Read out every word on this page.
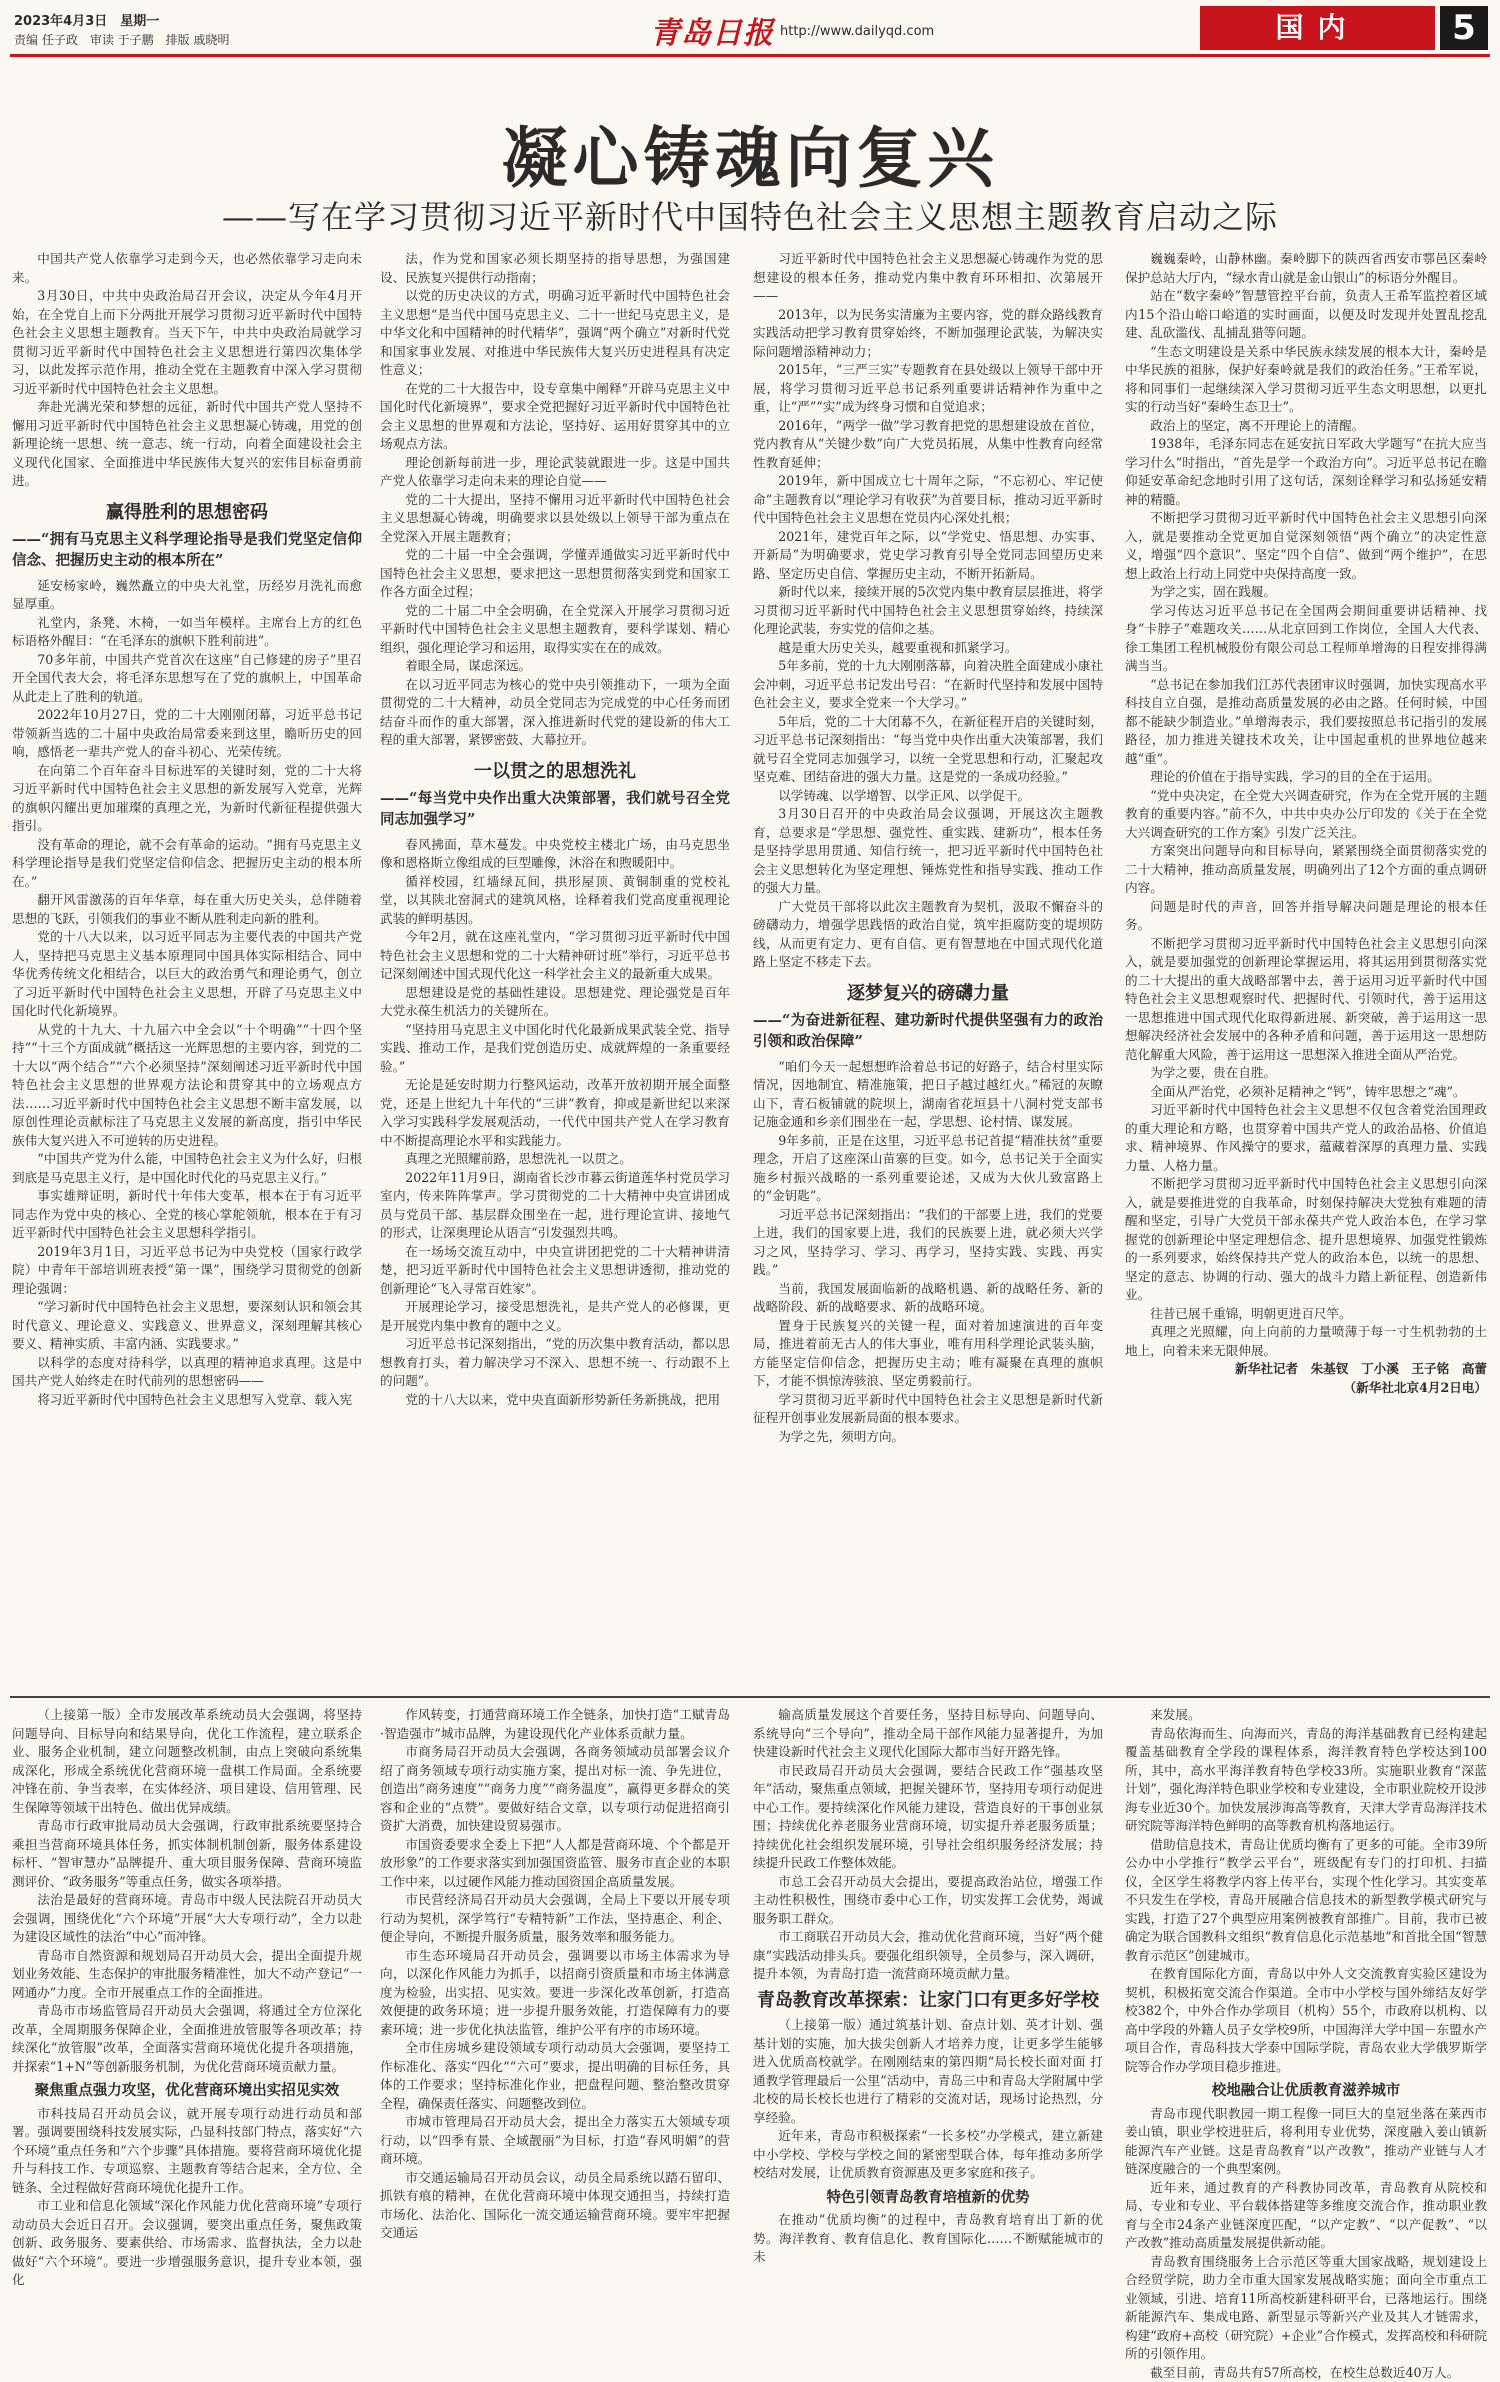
2023年4月3日　星期一
责编 任子政　审读 于子鹏　排版 戚晓明	青岛日报 http://www.dailyqd.com	国内	5
凝心铸魂向复兴
——写在学习贯彻习近平新时代中国特色社会主义思想主题教育启动之际

中国共产党人依靠学习走到今天，也必然依靠学习走向未来。

3月30日，中共中央政治局召开会议，决定从今年4月开始，在全党自上而下分两批开展学习贯彻习近平新时代中国特色社会主义思想主题教育。当天下午，中共中央政治局就学习贯彻习近平新时代中国特色社会主义思想进行第四次集体学习，以此发挥示范作用，推动全党在主题教育中深入学习贯彻习近平新时代中国特色社会主义思想。

奔赴光满光荣和梦想的远征，新时代中国共产党人坚持不懈用习近平新时代中国特色社会主义思想凝心铸魂，用党的创新理论统一思想、统一意志、统一行动，向着全面建设社会主义现代化国家、全面推进中华民族伟大复兴的宏伟目标奋勇前进。

赢得胜利的思想密码
——“拥有马克思主义科学理论指导是我们党坚定信仰信念、把握历史主动的根本所在”

延安杨家岭，巍然矗立的中央大礼堂，历经岁月洗礼而愈显厚重。

礼堂内，条凳、木椅，一如当年模样。主席台上方的红色标语格外醒目：“在毛泽东的旗帜下胜利前进”。

70多年前，中国共产党首次在这座“自己修建的房子”里召开全国代表大会，将毛泽东思想写在了党的旗帜上，中国革命从此走上了胜利的轨道。

2022年10月27日，党的二十大刚刚闭幕，习近平总书记带领新当选的二十届中央政治局常委来到这里，瞻昕历史的回响，感悟老一辈共产党人的奋斗初心、光荣传统。

在向第二个百年奋斗目标进军的关键时刻，党的二十大将习近平新时代中国特色社会主义思想的新发展写入党章，光辉的旗帜闪耀出更加璀璨的真理之光，为新时代新征程提供强大指引。

没有革命的理论，就不会有革命的运动。“拥有马克思主义科学理论指导是我们党坚定信仰信念、把握历史主动的根本所在。”

翻开风雷激荡的百年华章，每在重大历史关头，总伴随着思想的飞跃，引领我们的事业不断从胜利走向新的胜利。

党的十八大以来，以习近平同志为主要代表的中国共产党人，坚持把马克思主义基本原理同中国具体实际相结合、同中华优秀传统文化相结合，以巨大的政治勇气和理论勇气，创立了习近平新时代中国特色社会主义思想，开辟了马克思主义中国化时代化新境界。

从党的十九大、十九届六中全会以“十个明确”“十四个坚持”“十三个方面成就”概括这一光辉思想的主要内容，到党的二十大以“两个结合”“六个必须坚持”深刻阐述习近平新时代中国特色社会主义思想的世界观方法论和贯穿其中的立场观点方法……习近平新时代中国特色社会主义思想不断丰富发展，以原创性理论贡献标注了马克思主义发展的新高度，指引中华民族伟大复兴进入不可逆转的历史进程。

“中国共产党为什么能，中国特色社会主义为什么好，归根到底是马克思主义行，是中国化时代化的马克思主义行。”

事实雄辩证明，新时代十年伟大变革，根本在于有习近平同志作为党中央的核心、全党的核心掌舵领航，根本在于有习近平新时代中国特色社会主义思想科学指引。

2019年3月1日，习近平总书记为中央党校（国家行政学院）中青年干部培训班表授“第一课”，围绕学习贯彻党的创新理论强调：

“学习新时代中国特色社会主义思想，要深刻认识和领会其时代意义、理论意义、实践意义、世界意义，深刻理解其核心要义、精神实质、丰富内涵、实践要求。”

以科学的态度对待科学，以真理的精神追求真理。这是中国共产党人始终走在时代前列的思想密码——

将习近平新时代中国特色社会主义思想写入党章、载入宪

法，作为党和国家必须长期坚持的指导思想，为强国建设、民族复兴提供行动指南；

以党的历史决议的方式，明确习近平新时代中国特色社会主义思想“是当代中国马克思主义、二十一世纪马克思主义，是中华文化和中国精神的时代精华”，强调“两个确立”对新时代党和国家事业发展、对推进中华民族伟大复兴历史进程具有决定性意义；

在党的二十大报告中，设专章集中阐释“开辟马克思主义中国化时代化新境界”，要求全党把握好习近平新时代中国特色社会主义思想的世界观和方法论，坚持好、运用好贯穿其中的立场观点方法。

理论创新每前进一步，理论武装就跟进一步。这是中国共产党人依靠学习走向未来的理论自觉——

党的二十大提出，坚持不懈用习近平新时代中国特色社会主义思想凝心铸魂，明确要求以县处级以上领导干部为重点在全党深入开展主题教育；

党的二十届一中全会强调，学懂弄通做实习近平新时代中国特色社会主义思想，要求把这一思想贯彻落实到党和国家工作各方面全过程；

党的二十届二中全会明确，在全党深入开展学习贯彻习近平新时代中国特色社会主义思想主题教育，要科学谋划、精心组织，强化理论学习和运用，取得实实在在的成效。

着眼全局，谋虑深远。

在以习近平同志为核心的党中央引领推动下，一项为全面贯彻党的二十大精神，动员全党同志为完成党的中心任务而团结奋斗而作的重大部署，深入推进新时代党的建设新的伟大工程的重大部署，紧锣密鼓、大幕拉开。

一以贯之的思想洗礼
——“每当党中央作出重大决策部署，我们就号召全党同志加强学习”

春风拂面，草木蔓发。中央党校主楼北广场，由马克思坐像和恩格斯立像组成的巨型雕像，沐浴在和煦暖阳中。

循祥校园，红墙绿瓦间，拱形屋顶、黄铜制重的党校礼堂，以其陕北窑洞式的建筑风格，诠释着我们党高度重视理论武装的鲜明基因。

今年2月，就在这座礼堂内，“学习贯彻习近平新时代中国特色社会主义思想和党的二十大精神研讨班”举行，习近平总书记深刻阐述中国式现代化这一科学社会主义的最新重大成果。

思想建设是党的基础性建设。思想建党、理论强党是百年大党永葆生机活力的关键所在。

“坚持用马克思主义中国化时代化最新成果武装全党、指导实践、推动工作，是我们党创造历史、成就辉煌的一条重要经验。”

无论是延安时期力行整风运动，改革开放初期开展全面整党，还是上世纪九十年代的“三讲”教育，抑或是新世纪以来深入学习实践科学发展观活动，一代代中国共产党人在学习教育中不断提高理论水平和实践能力。

真理之光照耀前路，思想洗礼一以贯之。

2022年11月9日，湖南省长沙市暮云街道莲华村党员学习室内，传来阵阵掌声。学习贯彻党的二十大精神中央宣讲团成员与党员干部、基层群众围坐在一起，进行理论宣讲、接地气的形式，让深奥理论从语言“引发强烈共鸣。

在一场场交流互动中，中央宣讲团把党的二十大精神讲清楚，把习近平新时代中国特色社会主义思想讲透彻，推动党的创新理论“飞入寻常百姓家”。

开展理论学习，接受思想洗礼，是共产党人的必修课，更是开展党内集中教育的题中之义。

习近平总书记深刻指出，“党的历次集中教育活动，都以思想教育打头，着力解决学习不深入、思想不统一、行动跟不上的问题”。

党的十八大以来，党中央直面新形势新任务新挑战，把用

习近平新时代中国特色社会主义思想凝心铸魂作为党的思想建设的根本任务，推动党内集中教育环环相扣、次第展开——

2013年，以为民务实清廉为主要内容，党的群众路线教育实践活动把学习教育贯穿始终，不断加强理论武装，为解决实际问题增添精神动力；

2015年，“三严三实”专题教育在县处级以上领导干部中开展，将学习贯彻习近平总书记系列重要讲话精神作为重中之重，让“严”“实”成为终身习惯和自觉追求；

2016年，“两学一做”学习教育把党的思想建设放在首位，党内教育从“关键少数”向广大党员拓展，从集中性教育向经常性教育延伸；

2019年，新中国成立七十周年之际，“不忘初心、牢记使命”主题教育以“理论学习有收获”为首要目标，推动习近平新时代中国特色社会主义思想在党员内心深处扎根；

2021年，建党百年之际，以“学党史、悟思想、办实事、开新局”为明确要求，党史学习教育引导全党同志回望历史来路、坚定历史自信、掌握历史主动，不断开拓新局。

新时代以来，接续开展的5次党内集中教育层层推进，将学习贯彻习近平新时代中国特色社会主义思想贯穿始终，持续深化理论武装，夯实党的信仰之基。

越是重大历史关头，越要重视和抓紧学习。

5年多前，党的十九大刚刚落幕，向着决胜全面建成小康社会冲刺，习近平总书记发出号召：“在新时代坚持和发展中国特色社会主义，要求全党来一个大学习。”

5年后，党的二十大闭幕不久，在新征程开启的关键时刻，习近平总书记深刻指出：“每当党中央作出重大决策部署，我们就号召全党同志加强学习，以统一全党思想和行动，汇聚起攻坚克难、团结奋进的强大力量。这是党的一条成功经验。”

以学铸魂、以学增智、以学正风、以学促干。

3月30日召开的中央政治局会议强调，开展这次主题教育，总要求是“学思想、强党性、重实践、建新功”，根本任务是坚持学思用贯通、知信行统一，把习近平新时代中国特色社会主义思想转化为坚定理想、锤炼党性和指导实践、推动工作的强大力量。

广大党员干部将以此次主题教育为契机，汲取不懈奋斗的磅礴动力，增强学思践悟的政治自觉，筑牢拒腐防变的堤坝防线，从而更有定力、更有自信、更有智慧地在中国式现代化道路上坚定不移走下去。

逐梦复兴的磅礴力量
——“为奋进新征程、建功新时代提供坚强有力的政治引领和政治保障”

“咱们今天一起想想昨洽着总书记的好路子，结合村里实际情况，因地制宜、精准施策，把日子越过越红火。”稀冠的灰瞭山下，青石板铺就的院坝上，湖南省花垣县十八洞村党支部书记施金通和乡亲们围坐在一起，学思想、论村情、谋发展。

9年多前，正是在这里，习近平总书记首提“精准扶贫”重要理念，开启了这座深山苗寨的巨变。如今，总书记关于全面实施乡村振兴战略的一系列重要论述，又成为大伙儿致富路上的“金钥匙”。

习近平总书记深刻指出：“我们的干部要上进，我们的党要上进，我们的国家要上进，我们的民族要上进，就必须大兴学习之风，坚持学习、学习、再学习，坚持实践、实践、再实践。”

当前，我国发展面临新的战略机遇、新的战略任务、新的战略阶段、新的战略要求、新的战略环境。

置身于民族复兴的关键一程，面对着加速演进的百年变局，推进着前无古人的伟大事业，唯有用科学理论武装头脑，方能坚定信仰信念，把握历史主动；唯有凝聚在真理的旗帜下，才能不惧惊涛骇浪、坚定勇毅前行。

学习贯彻习近平新时代中国特色社会主义思想是新时代新征程开创事业发展新局面的根本要求。

为学之先，须明方向。

巍巍秦岭，山静林幽。秦岭脚下的陕西省西安市鄠邑区秦岭保护总站大厅内，“绿水青山就是金山银山”的标语分外醒目。

站在“数字秦岭”智慧管控平台前，负责人王希军监控着区域内15个沿山峪口峪道的实时画面，以便及时发现并处置乱挖乱建、乱砍滥伐、乱捕乱猎等问题。

“生态文明建设是关系中华民族永续发展的根本大计，秦岭是中华民族的祖脉，保护好秦岭就是我们的政治任务。”王希军说，将和同事们一起继续深入学习贯彻习近平生态文明思想，以更扎实的行动当好“秦岭生态卫士”。

政治上的坚定，离不开理论上的清醒。

1938年，毛泽东同志在延安抗日军政大学题写“在抗大应当学习什么”时指出，“首先是学一个政治方向”。习近平总书记在瞻仰延安革命纪念地时引用了这句话，深刻诠释学习和弘扬延安精神的精髓。

不断把学习贯彻习近平新时代中国特色社会主义思想引向深入，就是要推动全党更加自觉深刻领悟“两个确立”的决定性意义，增强“四个意识”、坚定“四个自信”、做到“两个维护”，在思想上政治上行动上同党中央保持高度一致。

为学之实，固在践履。

学习传达习近平总书记在全国两会期间重要讲话精神、找身“卡脖子”难题攻关……从北京回到工作岗位，全国人大代表、徐工集团工程机械股份有限公司总工程师单增海的日程安排得满满当当。

“总书记在参加我们江苏代表团审议时强调，加快实现高水平科技自立自强，是推动高质量发展的必由之路。任何时候，中国都不能缺少制造业。”单增海表示，我们要按照总书记指引的发展路径，加力推进关键技术攻关，让中国起重机的世界地位越来越“重”。

理论的价值在于指导实践，学习的目的全在于运用。

“党中央决定，在全党大兴调查研究，作为在全党开展的主题教育的重要内容。”前不久，中共中央办公厅印发的《关于在全党大兴调查研究的工作方案》引发广泛关注。

方案突出问题导向和目标导向，紧紧围绕全面贯彻落实党的二十大精神，推动高质量发展，明确列出了12个方面的重点调研内容。

问题是时代的声音，回答并指导解决问题是理论的根本任务。

不断把学习贯彻习近平新时代中国特色社会主义思想引向深入，就是要加强党的创新理论掌握运用，将其运用到贯彻落实党的二十大提出的重大战略部署中去，善于运用习近平新时代中国特色社会主义思想观察时代、把握时代、引领时代，善于运用这一思想推进中国式现代化取得新进展、新突破，善于运用这一思想解决经济社会发展中的各种矛盾和问题，善于运用这一思想防范化解重大风险，善于运用这一思想深入推进全面从严治党。

为学之要，贵在自胜。

全面从严治党，必须补足精神之“钙”，铸牢思想之“魂”。

习近平新时代中国特色社会主义思想不仅包含着党治国理政的重大理论和方略，也贯穿着中国共产党人的政治品格、价值追求、精神境界、作风操守的要求，蕴藏着深厚的真理力量、实践力量、人格力量。

不断把学习贯彻习近平新时代中国特色社会主义思想引向深入，就是要推进党的自我革命，时刻保持解决大党独有难题的清醒和坚定，引导广大党员干部永葆共产党人政治本色，在学习掌握党的创新理论中坚定理想信念、提升思想境界、加强党性锻炼的一系列要求，始终保持共产党人的政治本色，以统一的思想、坚定的意志、协调的行动、强大的战斗力踏上新征程、创造新伟业。

往昔已展千重锦，明朝更进百尺竿。

真理之光照耀，向上向前的力量喷薄于每一寸生机勃勃的土地上，向着未来无限伸展。

新华社记者　朱基钗　丁小溪　王子铭　高蕾

（新华社北京4月2日电）

（上接第一版）全市发展改革系统动员大会强调，将坚持问题导向、目标导向和结果导向，优化工作流程，建立联系企业、服务企业机制，建立问题整改机制，由点上突破向系统集成深化，形成全系统优化营商环境一盘棋工作局面。全系统要冲锋在前、争当表率，在实体经济、项目建设、信用管理、民生保障等领域干出特色、做出优异成绩。

青岛市行政审批局动员大会强调，行政审批系统要坚持合乘担当营商环境具体任务，抓实体制机制创新，服务体系建设标杆、“智审慧办”品牌提升、重大项目服务保障、营商环境监测评价、“政务服务”等重点任务，做实各项举措。

法治是最好的营商环境。青岛市中级人民法院召开动员大会强调，围绕优化“六个环境”开展“大大专项行动”，全力以赴为建设区域性的法治“中心”而冲锋。

青岛市自然资源和规划局召开动员大会，提出全面提升规划业务效能、生态保护的审批服务精准性，加大不动产登记“一网通办”力度。全市开展重点工作的全面推进。

青岛市市场监管局召开动员大会强调，将通过全方位深化改革，全周期服务保障企业，全面推进放管服等各项改革；持续深化“放管服”改革，全面落实营商环境优化提升各项措施，并探索“1+N”等创新服务机制，为优化营商环境贡献力量。

聚焦重点强力攻坚，优化营商环境出实招见实效

市科技局召开动员会议，就开展专项行动进行动员和部署。强调要围绕科技发展实际，凸显科技部门特点，落实好“六个环境”重点任务和“六个步骤”具体措施。要将营商环境优化提升与科技工作、专项巡察、主题教育等结合起来，全方位、全链条、全过程做好营商环境优化提升工作。

市工业和信息化领域“深化作风能力优化营商环境”专项行动动员大会近日召开。会议强调，要突出重点任务，聚焦政策创新、政务服务、要素供给、市场需求、监督执法，全力以赴做好“六个环境”。要进一步增强服务意识，提升专业本领，强化

作风转变，打通营商环境工作全链条，加快打造“工赋青岛·智造强市”城市品牌，为建设现代化产业体系贡献力量。

市商务局召开动员大会强调，各商务领域动员部署会议介绍了商务领域专项行动实施方案，提出对标一流、争先进位，创造出“商务速度”“商务力度”“商务温度”，赢得更多群众的笑容和企业的“点赞”。要做好结合文章，以专项行动促进招商引资扩大消费，加快建设贸易强市。

市国资委要求全委上下把“人人都是营商环境、个个都是开放形象”的工作要求落实到加强国资监管、服务市直企业的本职工作中来，以过硬作风能力推动国资国企高质量发展。

市民营经济局召开动员大会强调，全局上下要以开展专项行动为契机，深学笃行“专精特新”工作法，坚持惠企、利企、便企导向，不断提升服务质量，服务效率和服务能力。

市生态环境局召开动员会，强调要以市场主体需求为导向，以深化作风能力为抓手，以招商引资质量和市场主体满意度为检验，出实招、见实效。要进一步深化改革创新，打造高效便捷的政务环境；进一步提升服务效能，打造保障有力的要素环境；进一步优化执法监管，维护公平有序的市场环境。

全市住房城乡建设领域专项行动动员大会强调，要坚持工作标准化、落实“四化”“六可”要求，提出明确的目标任务，具体的工作要求；坚持标准化作业，把盘程问题、整治整改贯穿全程，确保责任落实、问题整改到位。

市城市管理局召开动员大会，提出全力落实五大领域专项行动，以“四季有景、全域靓丽”为目标，打造“春风明媚”的营商环境。

市交通运输局召开动员会议，动员全局系统以踏石留印、抓铁有痕的精神，在优化营商环境中体现交通担当，持续打造市场化、法治化、国际化一流交通运输营商环境。要牢牢把握交通运

输高质量发展这个首要任务，坚持目标导向、问题导向、系统导向“三个导向”，推动全局干部作风能力显著提升，为加快建设新时代社会主义现代化国际大都市当好开路先锋。

市民政局召开动员大会强调，要结合民政工作“强基攻坚年”活动，聚焦重点领域，把握关键环节，坚持用专项行动促进中心工作。要持续深化作风能力建设，营造良好的干事创业氛围；持续优化养老服务业营商环境，切实提升养老服务质量；持续优化社会组织发展环境，引导社会组织服务经济发展；持续提升民政工作整体效能。

市总工会召开动员大会提出，要提高政治站位，增强工作主动性积极性，围绕市委中心工作，切实发挥工会优势，竭诚服务职工群众。

市工商联召开动员大会，推动优化营商环境，当好“两个健康”实践活动排头兵。要强化组织领导，全员参与，深入调研，提升本领，为青岛打造一流营商环境贡献力量。

青岛教育改革探索：让家门口有更多好学校

（上接第一版）通过筑基计划、奋点计划、英才计划、强基计划的实施，加大拔尖创新人才培养力度，让更多学生能够进入优质高校就学。在刚刚结束的第四期“局长校长面对面 打通教学管理最后一公里”活动中，青岛三中和青岛大学附属中学北校的局长校长也进行了精彩的交流对话，现场讨论热烈，分享经验。

近年来，青岛市积极探索“一长多校”办学模式，建立新建中小学校、学校与学校之间的紧密型联合体，每年推动多所学校结对发展，让优质教育资源惠及更多家庭和孩子。

特色引领青岛教育培植新的优势

在推动“优质均衡”的过程中，青岛教育培育出丁新的优势。海洋教育、教育信息化、教育国际化……不断赋能城市的未

来发展。

青岛依海而生、向海而兴，青岛的海洋基础教育已经构建起覆盖基础教育全学段的课程体系，海洋教育特色学校达到100所，其中，高水平海洋教育特色学校33所。实施职业教育“深蓝计划”，强化海洋特色职业学校和专业建设，全市职业院校开设涉海专业近30个。加快发展涉海高等教育，天津大学青岛海洋技术研究院等海洋特色鲜明的高等教育机构落地运行。

借助信息技术，青岛让优质均衡有了更多的可能。全市39所公办中小学推行“教学云平台”，班级配有专门的打印机、扫描仪，全区学生将教学内容上传平台，实现个性化学习。其实变革不只发生在学校，青岛开展融合信息技术的新型教学模式研究与实践，打造了27个典型应用案例被教育部推广。目前，我市已被确定为联合国教科文组织“教育信息化示范基地”和首批全国“智慧教育示范区”创建城市。

在教育国际化方面，青岛以中外人文交流教育实验区建设为契机，积极拓宽交流合作渠道。全市中小学校与国外缔结友好学校382个，中外合作办学项目（机构）55个，市政府以机构、以高中学段的外籍人员子女学校9所，中国海洋大学中国－东盟水产项目合作，青岛科技大学泰中国际学院，青岛农业大学俄罗斯学院等合作办学项目稳步推进。

校地融合让优质教育滋养城市

青岛市现代职教园一期工程像一同巨大的皇冠坐落在莱西市姜山镇，职业学校进驻后，将利用专业优势，深度融入姜山镇新能源汽车产业链。这是青岛教育“以产改教”，推动产业链与人才链深度融合的一个典型案例。

近年来，通过教育的产科教协同改革，青岛教育从院校和局、专业和专业、平台载体搭建等多维度交流合作，推动职业教育与全市24条产业链深度匹配，“以产定教”、“以产促教”、“以产改教”推动高质量发展提供新动能。

青岛教育围绕服务上合示范区等重大国家战略，规划建设上合经贸学院，助力全市重大国家发展战略实施；面向全市重点工业领域，引进、培育11所高校新建科研平台，已落地运行。围绕新能源汽车、集成电路、新型显示等新兴产业及其人才链需求，构建“政府+高校（研究院）+企业”合作模式，发挥高校和科研院所的引领作用。

截至目前，青岛共有57所高校，在校生总数近40万人。
